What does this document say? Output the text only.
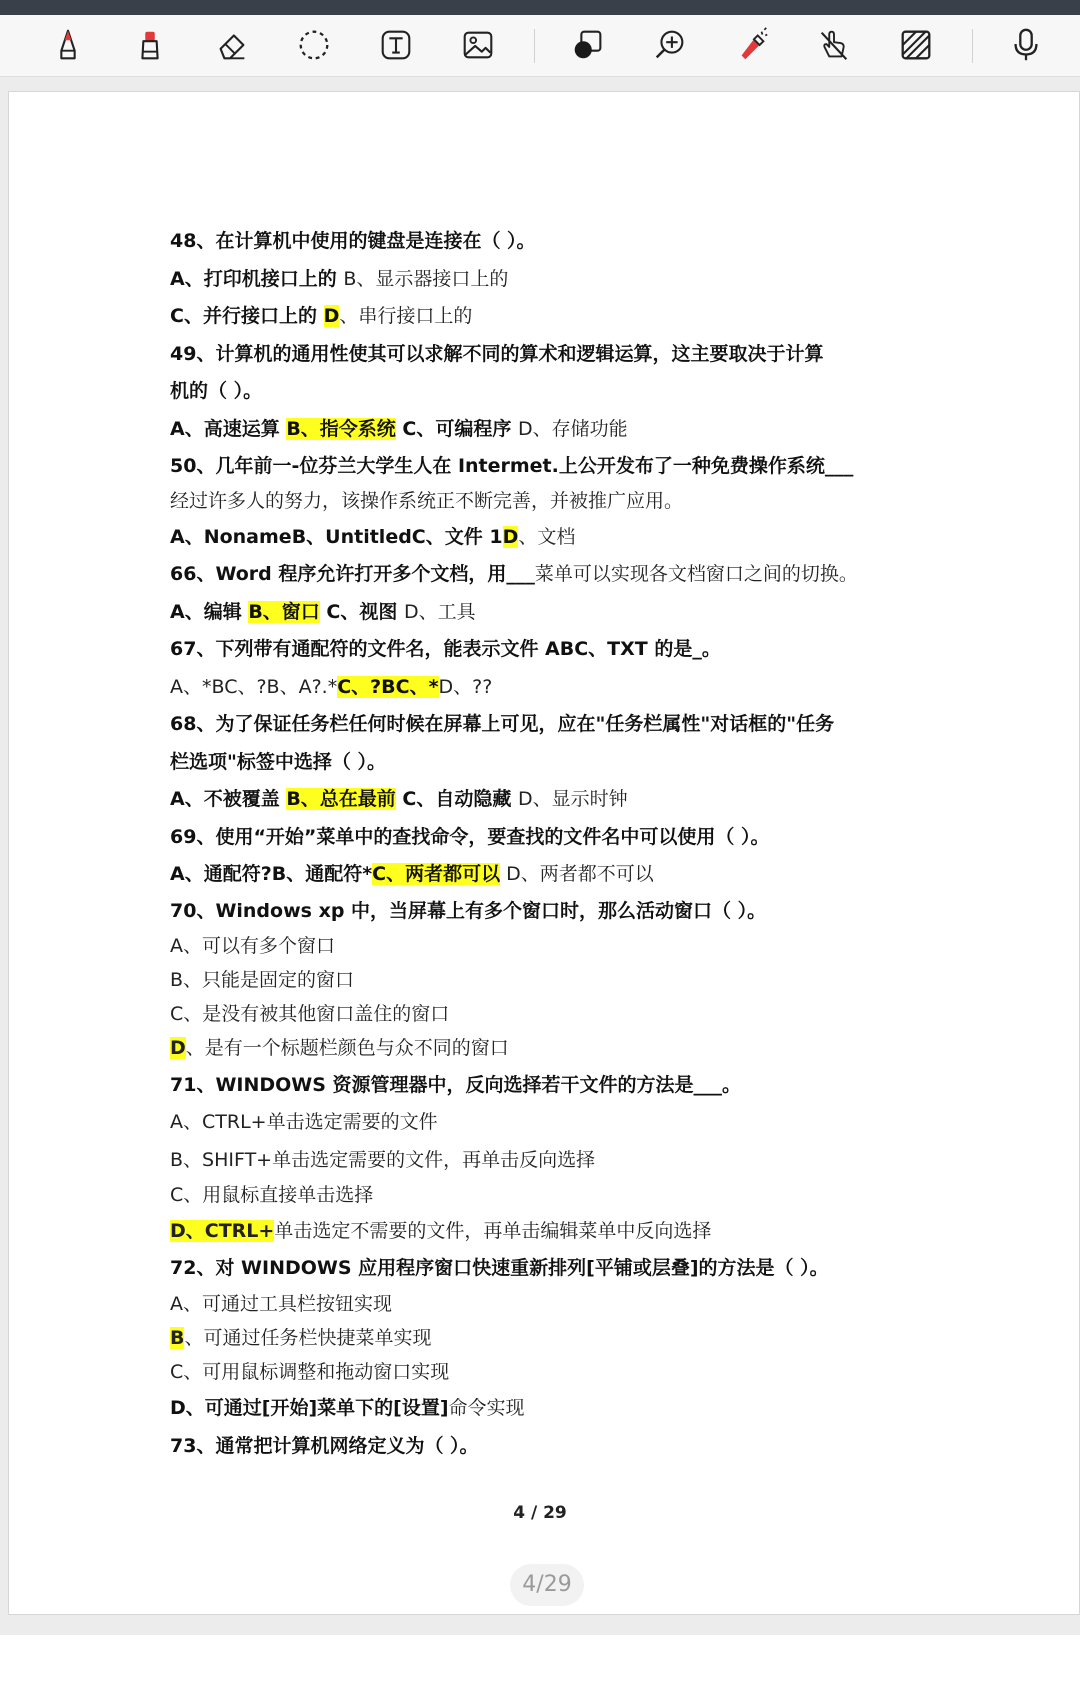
48、在计算机中使用的键盘是连接在（ ）。
A、打印机接口上的 B、显示器接口上的
C、并行接口上的 D、串行接口上的
49、计算机的通用性使其可以求解不同的算术和逻辑运算，这主要取决于计算
机的（ ）。
A、高速运算 B、指令系统 C、可编程序 D、存储功能
50、几年前一-位芬兰大学生人在 Intermet.上公开发布了一种免费操作系统___
经过许多人的努力，该操作系统正不断完善，并被推广应用。
A、NonameB、UntitledC、文件 1D、文档
66、Word 程序允许打开多个文档，用___菜单可以实现各文档窗口之间的切换。
A、编辑 B、窗口 C、视图 D、工具
67、下列带有通配符的文件名，能表示文件 ABC、TXT 的是_。
A、*BC、?B、A?.*C、?BC、*D、??
68、为了保证任务栏任何时候在屏幕上可见，应在"任务栏属性"对话框的"任务
栏选项"标签中选择（ ）。
A、不被覆盖 B、总在最前 C、自动隐藏 D、显示时钟
69、使用“开始”菜单中的查找命令，要查找的文件名中可以使用（ ）。
A、通配符?B、通配符*C、两者都可以 D、两者都不可以
70、Windows xp 中，当屏幕上有多个窗口时，那么活动窗口（ ）。
A、可以有多个窗口
B、只能是固定的窗口
C、是没有被其他窗口盖住的窗口
D、是有一个标题栏颜色与众不同的窗口
71、WINDOWS 资源管理器中，反向选择若干文件的方法是___。
A、CTRL+单击选定需要的文件
B、SHIFT+单击选定需要的文件，再单击反向选择
C、用鼠标直接单击选择
D、CTRL+单击选定不需要的文件，再单击编辑菜单中反向选择
72、对 WINDOWS 应用程序窗口快速重新排列[平铺或层叠]的方法是（ ）。
A、可通过工具栏按钮实现
B、可通过任务栏快捷菜单实现
C、可用鼠标调整和拖动窗口实现
D、可通过[开始]菜单下的[设置]命令实现
73、通常把计算机网络定义为（ ）。
4 / 29
4/29
